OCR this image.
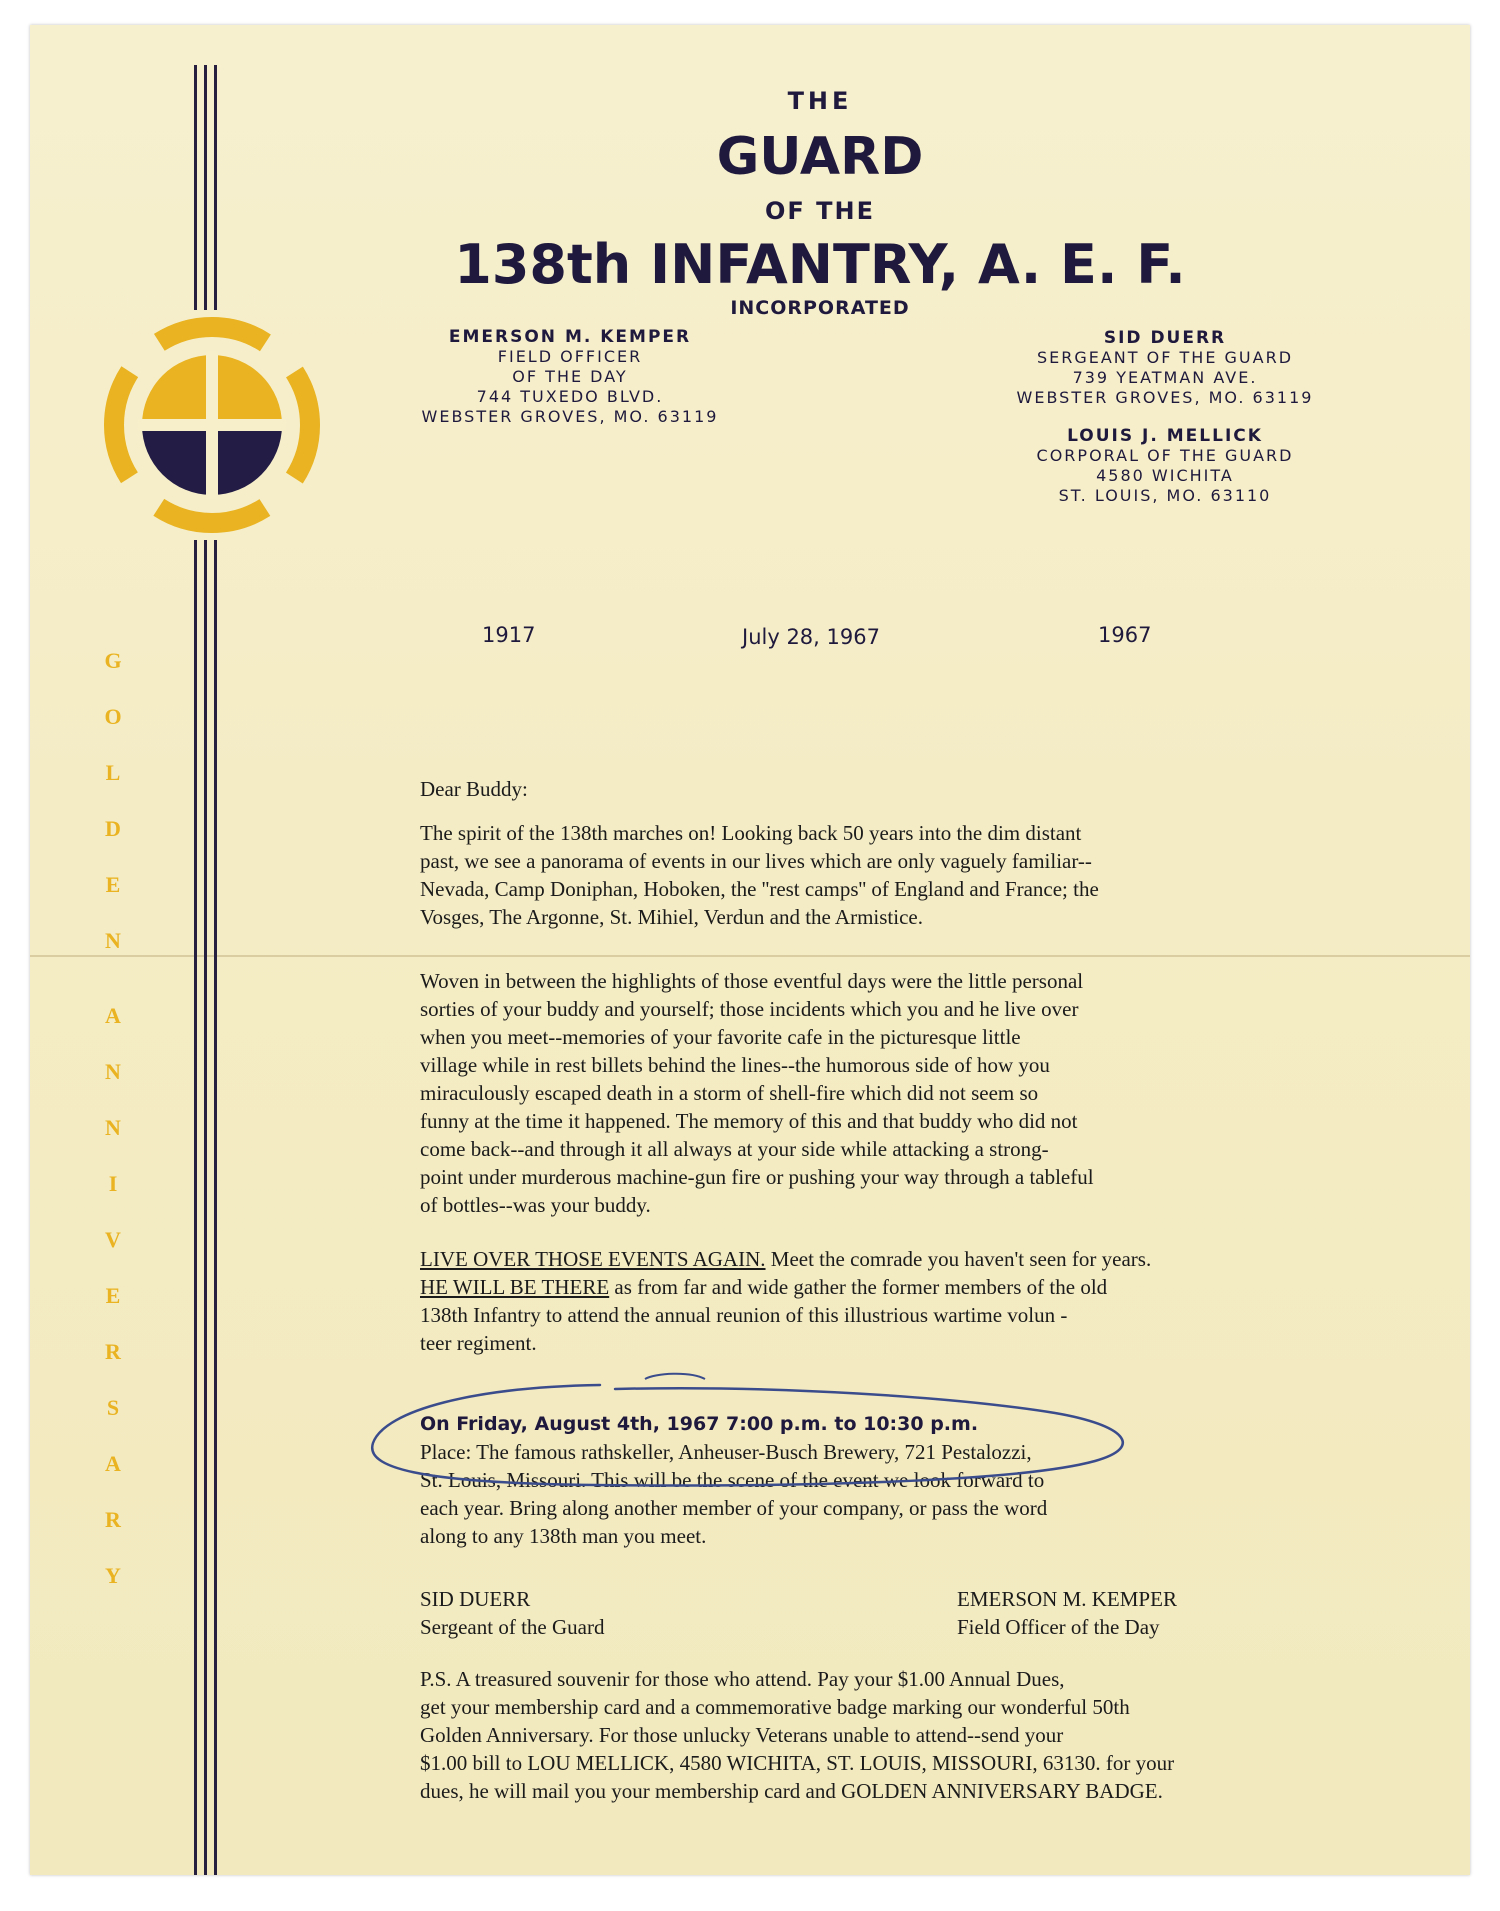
G
O
L
D
E
N
A
N
N
I
V
E
R
S
A
R
Y
THE
GUARD
OF THE
138th INFANTRY, A. E. F.
INCORPORATED
EMERSON M. KEMPER
FIELD OFFICER
OF THE DAY
744 TUXEDO BLVD.
WEBSTER GROVES, MO. 63119
SID DUERR
SERGEANT OF THE GUARD
739 YEATMAN AVE.
WEBSTER GROVES, MO. 63119
LOUIS J. MELLICK
CORPORAL OF THE GUARD
4580 WICHITA
ST. LOUIS, MO. 63110
1917	July 28, 1967	1967
Dear Buddy:

The spirit of the 138th marches on! Looking back 50 years into the dim distant

past, we see a panorama of events in our lives which are only vaguely familiar--

Nevada, Camp Doniphan, Hoboken, the ''rest camps'' of England and France; the

Vosges, The Argonne, St. Mihiel, Verdun and the Armistice.

Woven in between the highlights of those eventful days were the little personal

sorties of your buddy and yourself; those incidents which you and he live over

when you meet--memories of your favorite cafe in the picturesque little

village while in rest billets behind the lines--the humorous side of how you

miraculously escaped death in a storm of shell-fire which did not seem so

funny at the time it happened. The memory of this and that buddy who did not

come back--and through it all always at your side while attacking a strong-

point under murderous machine-gun fire or pushing your way through a tableful

of bottles--was your buddy.

LIVE OVER THOSE EVENTS AGAIN. Meet the comrade you haven't seen for years.

HE WILL BE THERE as from far and wide gather the former members of the old

138th Infantry to attend the annual reunion of this illustrious wartime volun -

teer regiment.

On Friday, August 4th, 1967 7:00 p.m. to 10:30 p.m.

Place: The famous rathskeller, Anheuser-Busch Brewery, 721 Pestalozzi,

St. Louis, Missouri. This will be the scene of the event we look forward to

each year. Bring along another member of your company, or pass the word

along to any 138th man you meet.

SID DUERR
Sergeant of the Guard
EMERSON M. KEMPER
Field Officer of the Day

P.S. A treasured souvenir for those who attend. Pay your $1.00 Annual Dues,

get your membership card and a commemorative badge marking our wonderful 50th

Golden Anniversary. For those unlucky Veterans unable to attend--send your

$1.00 bill to LOU MELLICK, 4580 WICHITA, ST. LOUIS, MISSOURI, 63130. for your

dues, he will mail you your membership card and GOLDEN ANNIVERSARY BADGE.
